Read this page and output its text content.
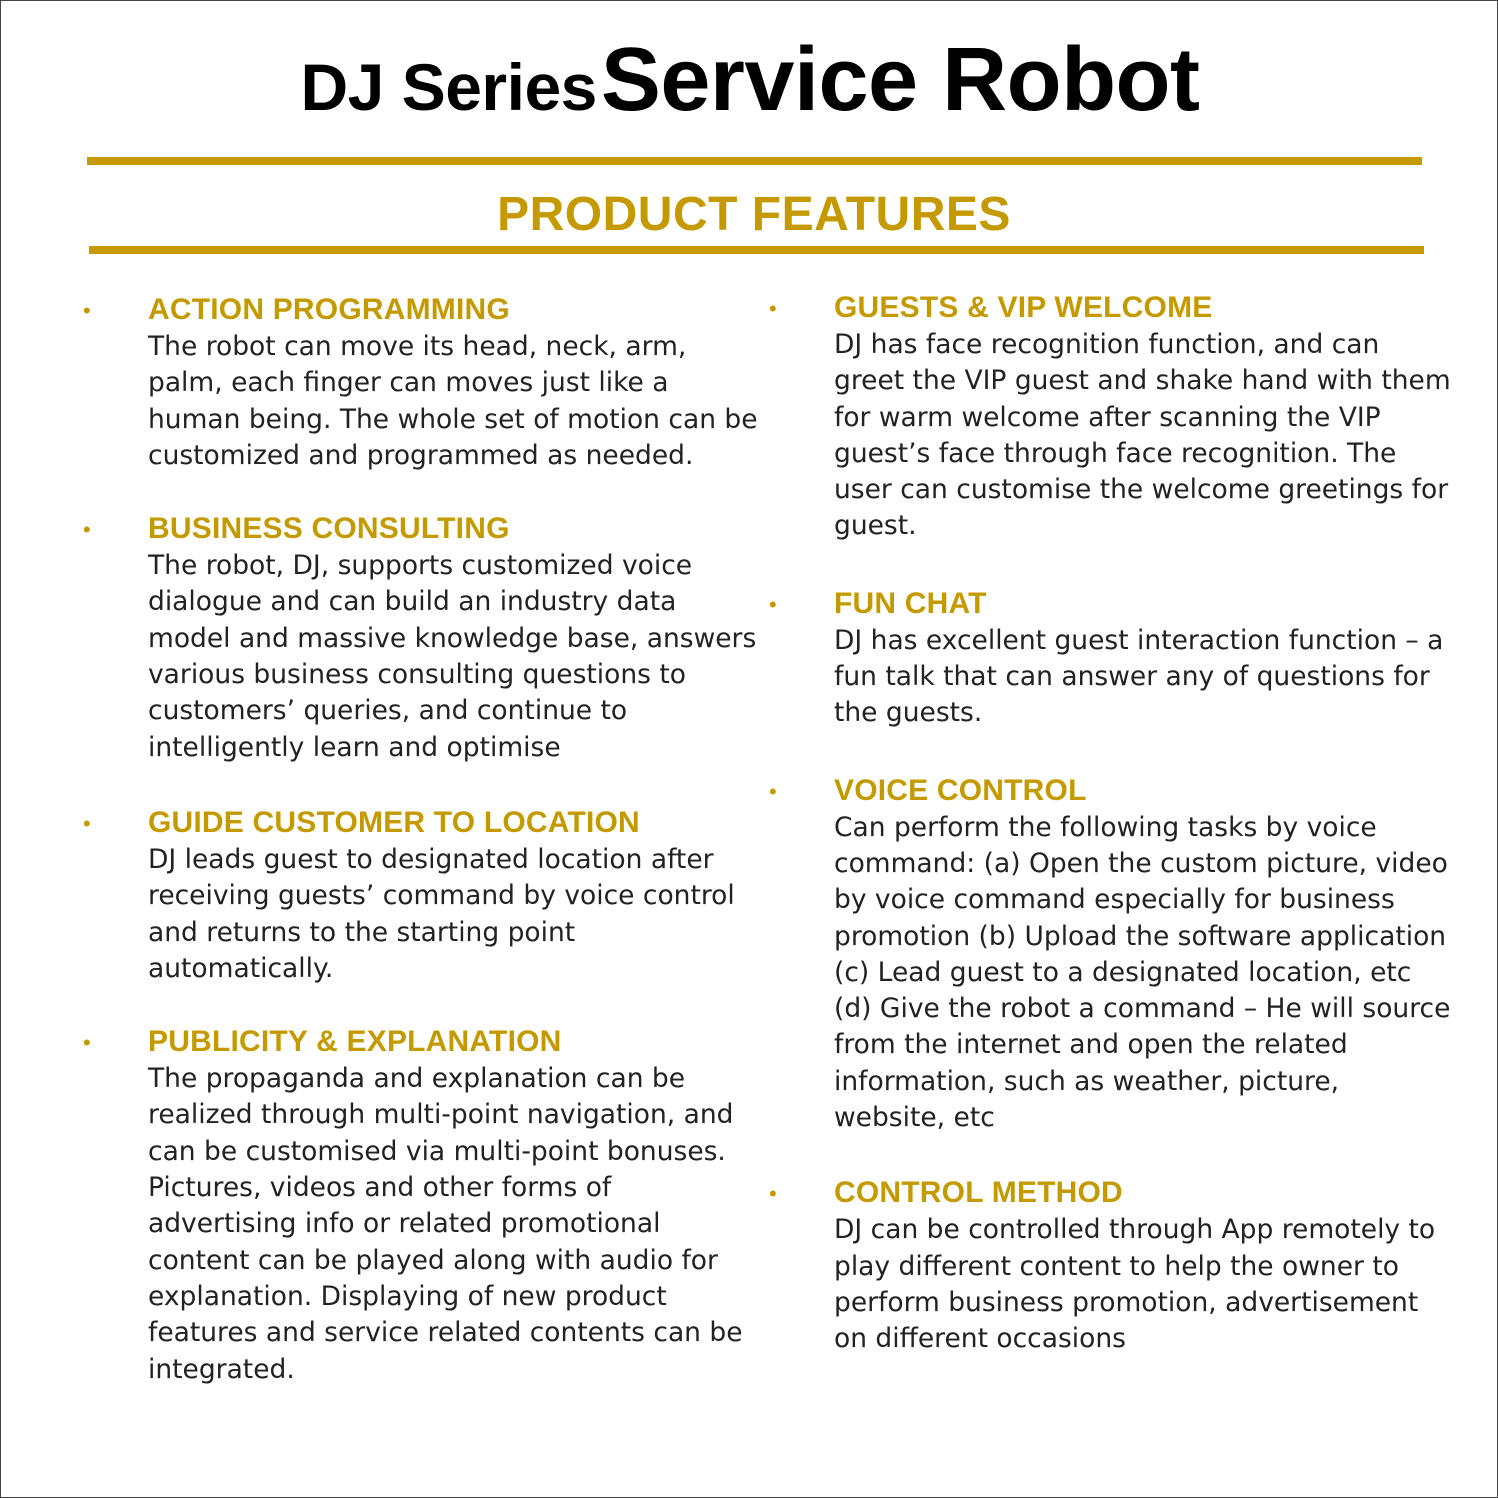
DJ Series Service Robot
PRODUCT FEATURES
• ACTION PROGRAMMING
The robot can move its head, neck, arm, palm, each finger can moves just like a human being. The whole set of motion can be customized and programmed as needed.
• BUSINESS CONSULTING
The robot, DJ, supports customized voice dialogue and can build an industry data model and massive knowledge base, answers various business consulting questions to customers’ queries, and continue to intelligently learn and optimise
• GUIDE CUSTOMER TO LOCATION
DJ leads guest to designated location after receiving guests’ command by voice control and returns to the starting point automatically.
• PUBLICITY & EXPLANATION
The propaganda and explanation can be realized through multi-point navigation, and can be customised via multi-point bonuses. Pictures, videos and other forms of advertising info or related promotional content can be played along with audio for explanation. Displaying of new product features and service related contents can be integrated.
• GUESTS & VIP WELCOME
DJ has face recognition function, and can greet the VIP guest and shake hand with them for warm welcome after scanning the VIP guest’s face through face recognition. The user can customise the welcome greetings for guest.
• FUN CHAT
DJ has excellent guest interaction function – a fun talk that can answer any of questions for the guests.
• VOICE CONTROL
Can perform the following tasks by voice command: (a) Open the custom picture, video by voice command especially for business promotion (b) Upload the software application (c) Lead guest to a designated location, etc (d) Give the robot a command – He will source from the internet and open the related information, such as weather, picture, website, etc
• CONTROL METHOD
DJ can be controlled through App remotely to play different content to help the owner to perform business promotion, advertisement on different occasions
